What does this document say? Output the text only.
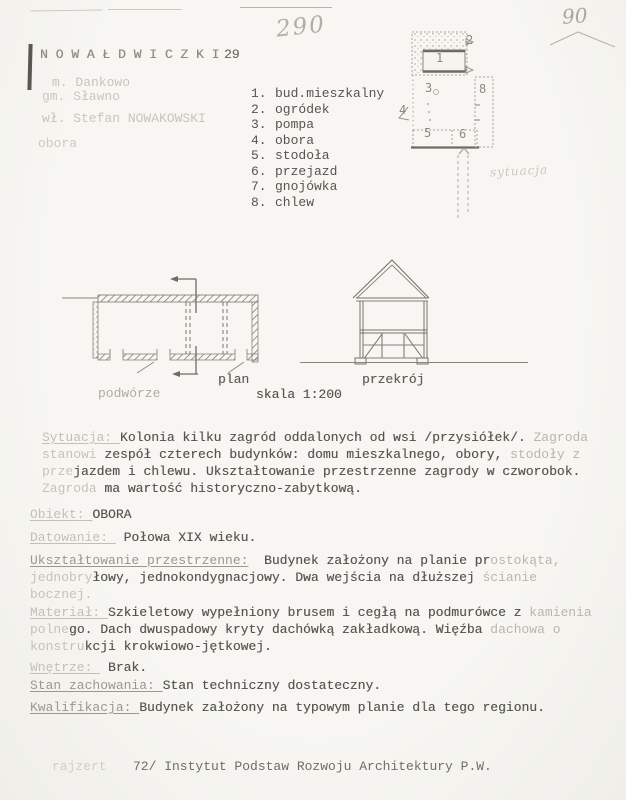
290	90
N O W A Ł D W I C Z K I 29
m. Dankowo
gm. Sławno
wł. Stefan NOWAKOWSKI
obora
1. bud.mieszkalny
2. ogródek
3. pompa
4. obora
5. stodoła
6. przejazd
7. gnojówka
8. chlew
1
2
3
4
5 6
8
sytuacja
podwórze
plan
skala 1:200
przekrój
Sytuacja: Kolonia kilku zagród oddalonych od wsi /przysiółek/. Zagroda
stanowi zespół czterech budynków: domu mieszkalnego, obory, stodoły z
przejazdem i chlewu. Ukształtowanie przestrzenne zagrody w czworobok.
Zagroda ma wartość historyczno-zabytkową.
Obiekt: OBORA
Datowanie:  Połowa XIX wieku.
Ukształtowanie przestrzenne:  Budynek założony na planie prostokąta,
jednobryłowy, jednokondygnacjowy. Dwa wejścia na dłuższej ścianie
bocznej.
Materiał: Szkieletowy wypełniony brusem i cegłą na podmurówce z kamienia
polnego. Dach dwuspadowy kryty dachówką zakładkową. Więźba dachowa o
konstrukcji krokwiowo-jętkowej.
Wnętrze:  Brak.
Stan zachowania: Stan techniczny dostateczny.
Kwalifikacja: Budynek założony na typowym planie dla tego regionu.
rajzert 72/ Instytut Podstaw Rozwoju Architektury P.W.
